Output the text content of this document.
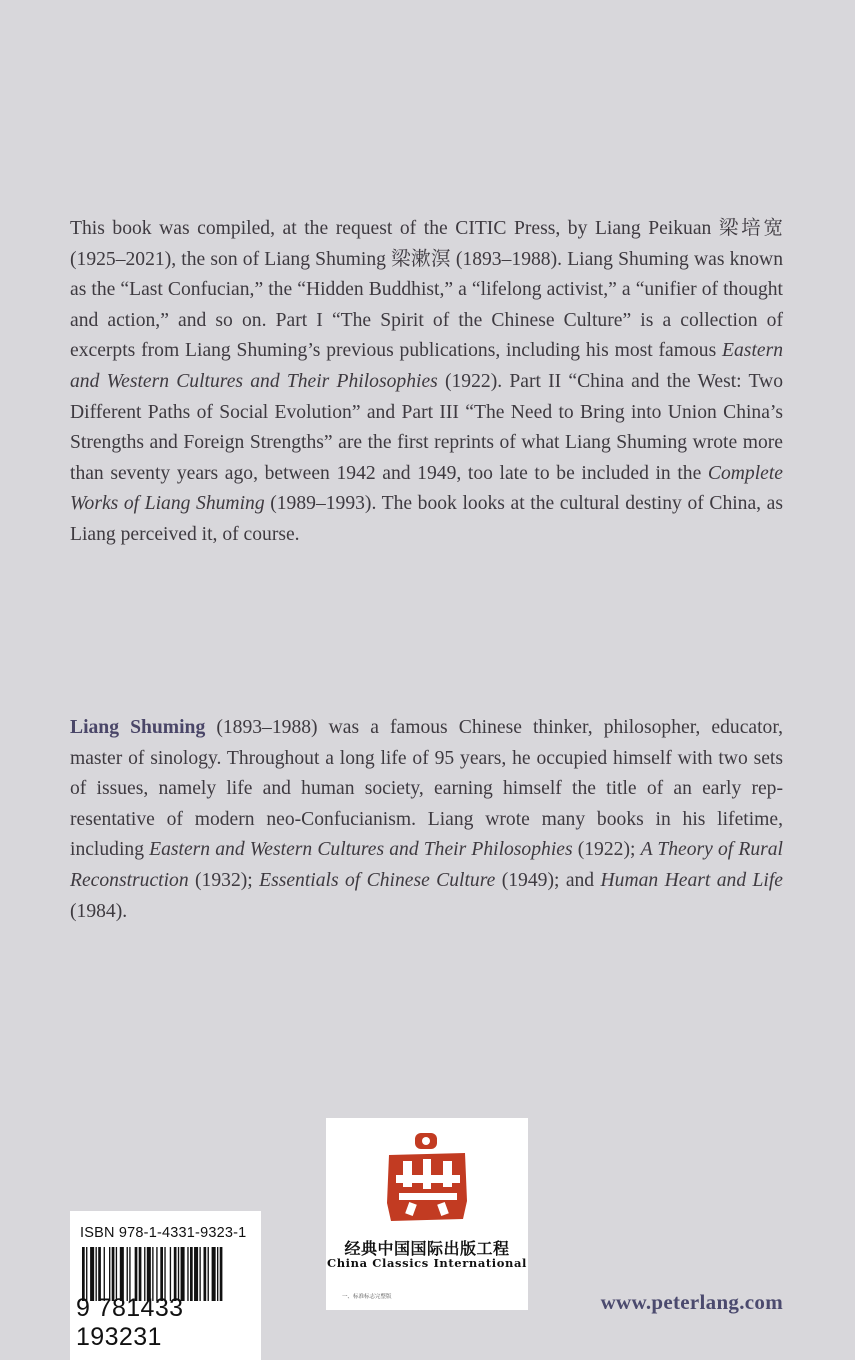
This book was compiled, at the request of the CITIC Press, by Liang Peikuan 梁培宽 (1925–2021), the son of Liang Shuming 梁漱溟 (1893–1988). Liang Shuming was known as the “Last Confucian,” the “Hidden Buddhist,” a “lifelong activist,” a “unifier of thought and action,” and so on. Part I “The Spirit of the Chinese Culture” is a collection of excerpts from Liang Shuming’s previous publications, including his most famous Eastern and Western Cultures and Their Philosophies (1922). Part II “China and the West: Two Different Paths of Social Evolution” and Part III “The Need to Bring into Union China’s Strengths and Foreign Strengths” are the first reprints of what Liang Shuming wrote more than seventy years ago, between 1942 and 1949, too late to be included in the Complete Works of Liang Shuming (1989–1993). The book looks at the cultural destiny of China, as Liang perceived it, of course.

Liang Shuming (1893–1988) was a famous Chinese thinker, philosopher, educator, master of sinology. Throughout a long life of 95 years, he occupied himself with two sets of issues, namely life and human society, earning himself the title of an early representative of modern neo-Confucianism. Liang wrote many books in his lifetime, including Eastern and Western Cultures and Their Philosophies (1922); A Theory of Rural Reconstruction (1932); Essentials of Chinese Culture (1949); and Human Heart and Life (1984).

经典中国国际出版工程
China Classics International
一、标准标志完整版
ISBN 978-1-4331-9323-1
9 781433 193231
www.peterlang.com
